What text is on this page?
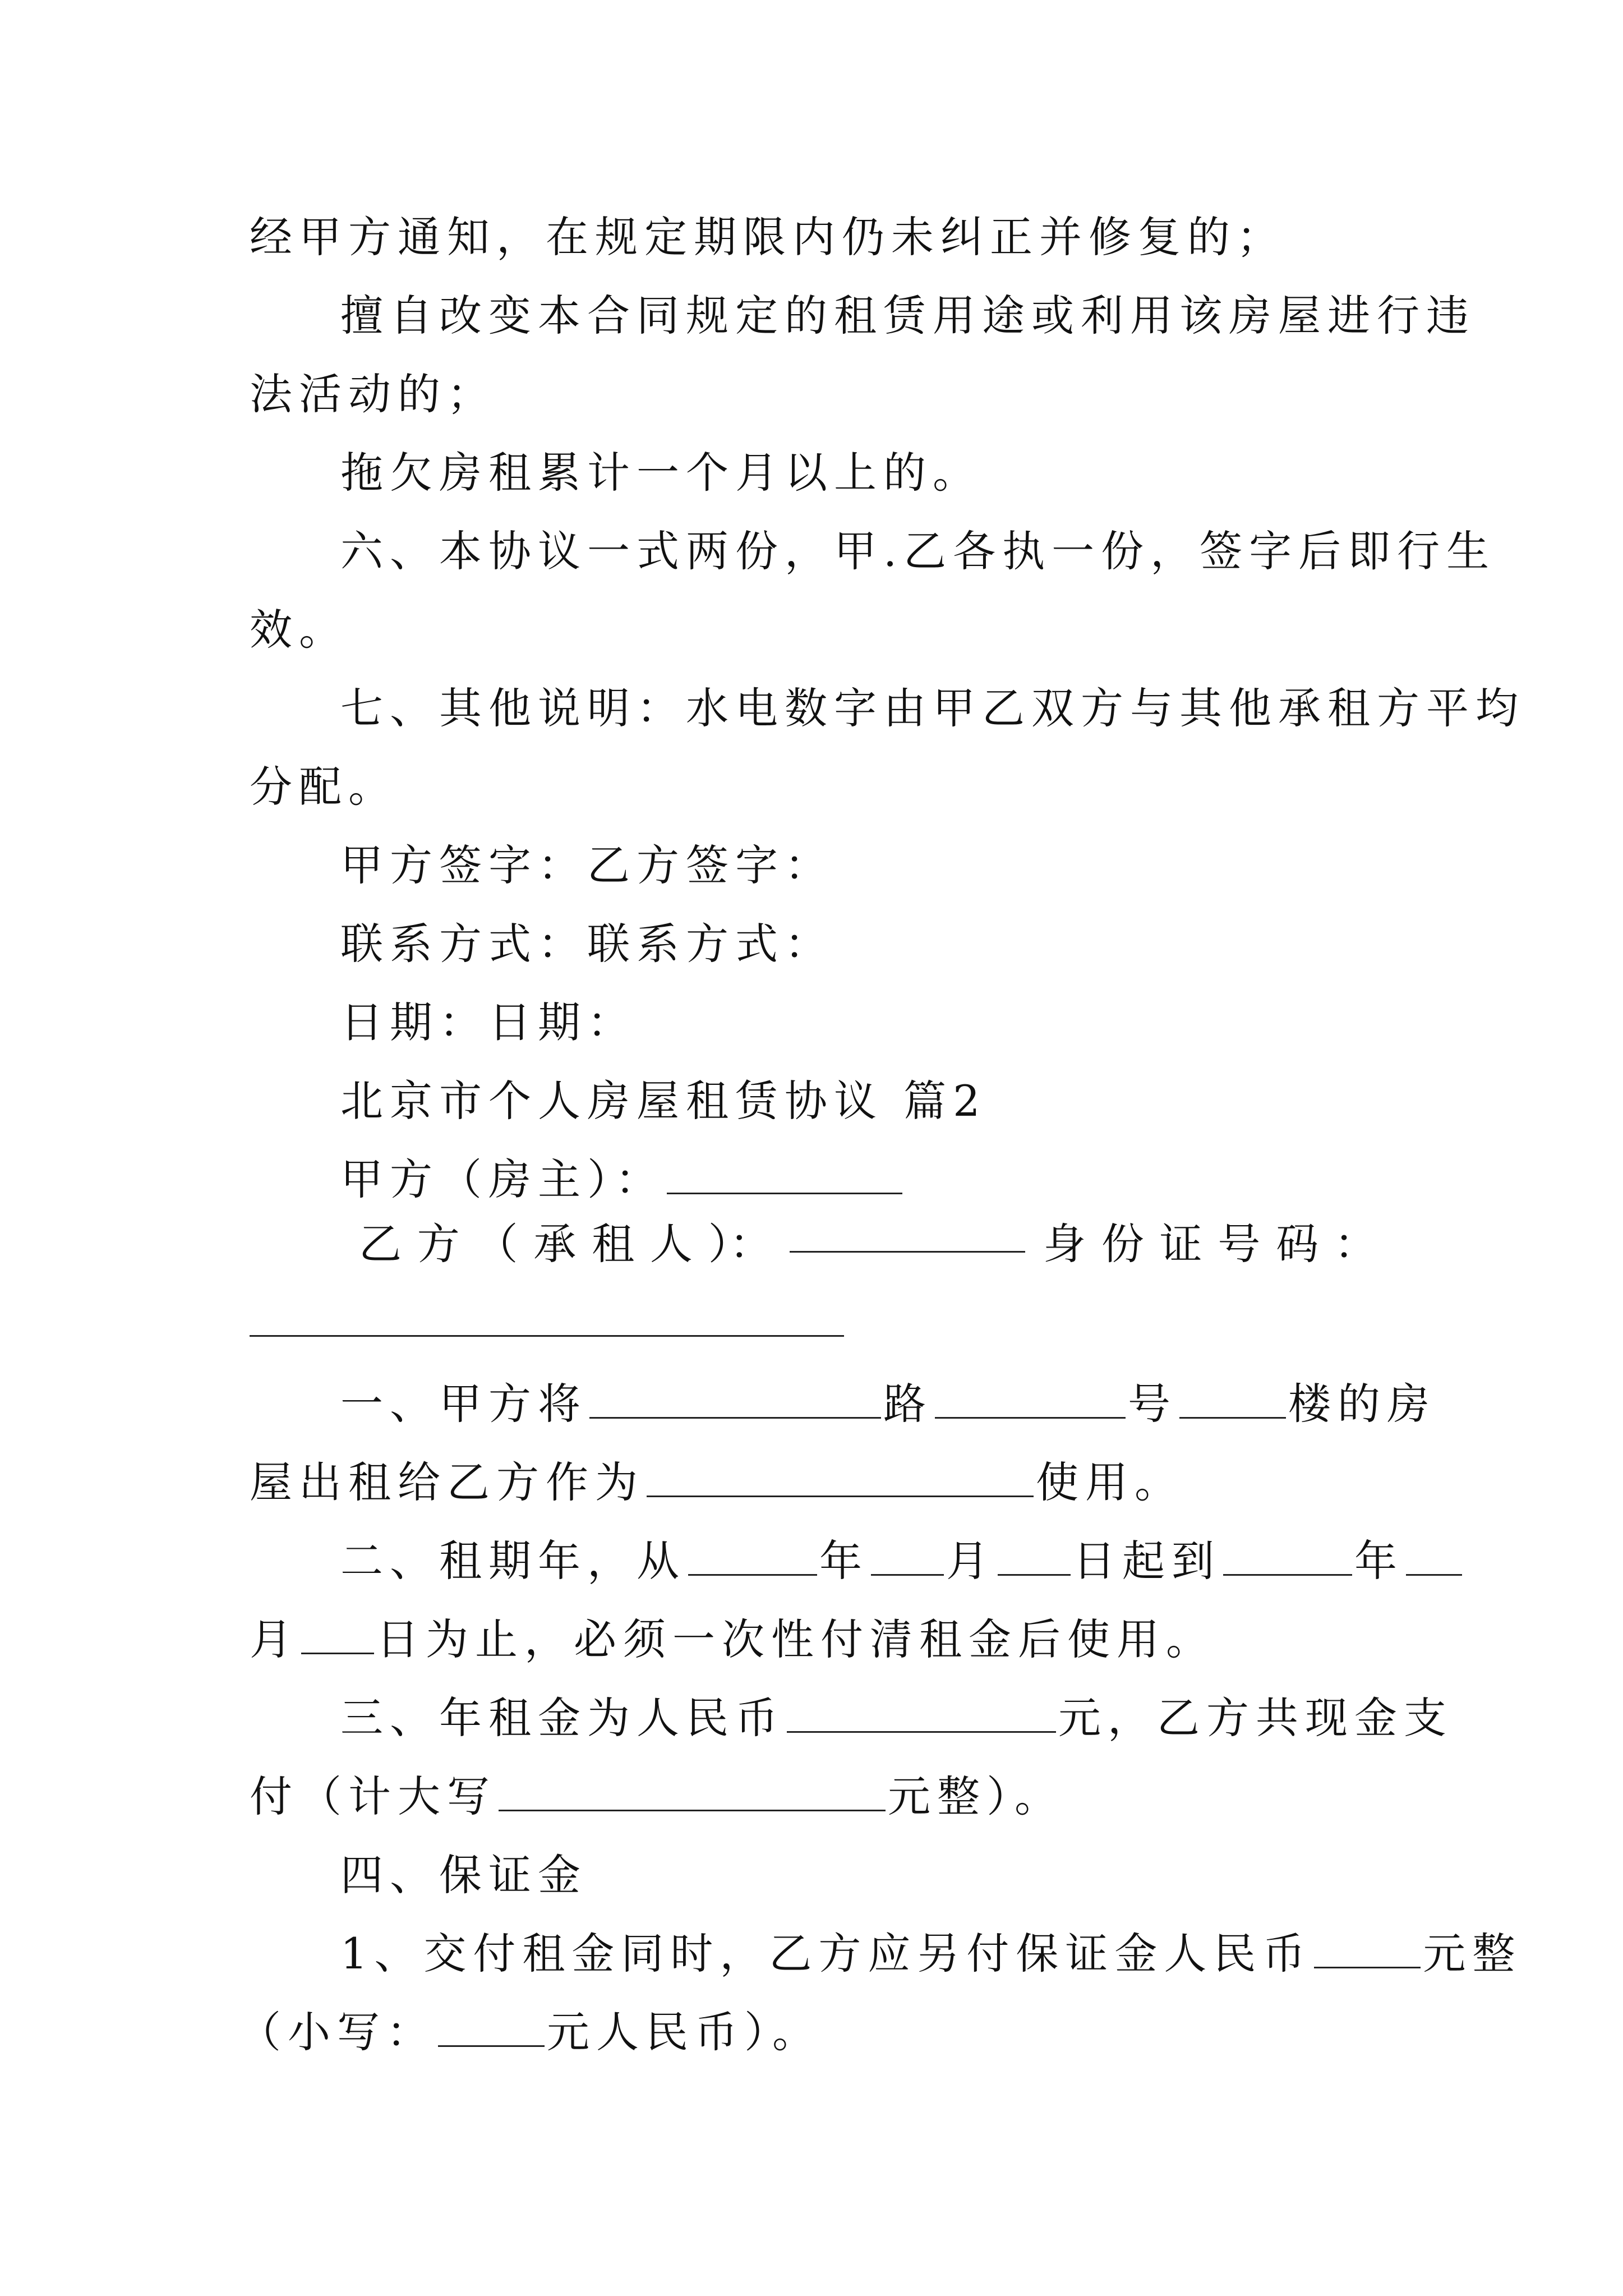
经甲方通知，在规定期限内仍未纠正并修复的；
擅自改变本合同规定的租赁用途或利用该房屋进行违
法活动的；
拖欠房租累计一个月以上的。
六、本协议一式两份，甲.乙各执一份，签字后即行生
效。
七、其他说明：水电数字由甲乙双方与其他承租方平均
分配。
甲方签字：乙方签字：
联系方式：联系方式：
日期：日期：
北京市个人房屋租赁协议 篇2
甲方（房主）：
乙 方 （ 承 租 人 ）：	身 份 证 号 码 ：
一、甲方将	路	号	楼的房
屋出租给乙方作为	使用。
二、租期年，从	年 月 日起到	年
月 日为止，必须一次性付清租金后使用。
三、年租金为人民币	元，乙方共现金支
付（计大写	元整）。
四、保证金
1、交付租金同时，乙方应另付保证金人民币	元整
（小写：	元人民币）。
